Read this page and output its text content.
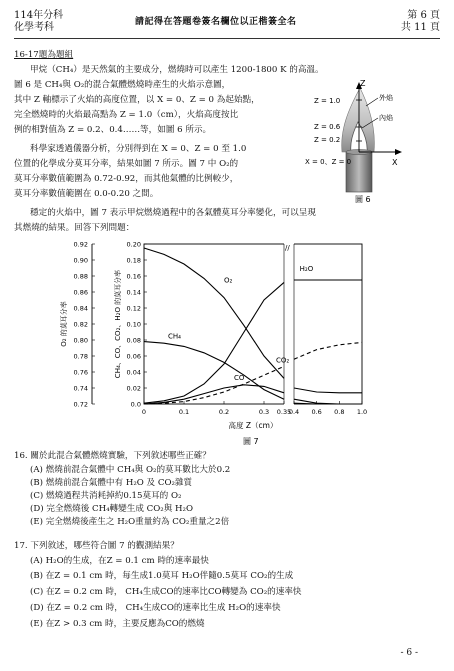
114年分科
化學考科	請記得在答題卷簽名欄位以正楷簽全名
第 6 頁
共 11 頁
16-17題為題組
甲烷（CH₄）是天然氣的主要成分，燃燒時可以產生 1200-1800 K 的高溫。
圖 6 是 CH₄與 O₂的混合氣體燃燒時產生的火焰示意圖，
其中 Z 軸標示了火焰的高度位置，以 X = 0、Z = 0 為起始點，
完全燃燒時的火焰最高點為 Z = 1.0（cm），火焰高度按比
例的相對值為 Z = 0.2、0.4……等，如圖 6 所示。
科學家透過儀器分析，分別得到在 X = 0、Z = 0 至 1.0
位置的化學成分莫耳分率，結果如圖 7 所示。圖 7 中 O₂的
莫耳分率數值範圍為 0.72-0.92，而其他氣體的比例較少，
莫耳分率數值範圍在 0.0-0.20 之間。
穩定的火焰中，圖 7 表示甲烷燃燒過程中的各氣體莫耳分率變化，可以呈現
其燃燒的結果。回答下列問題：
Z
X
外焰
內焰
Z = 1.0
Z = 0.6
Z = 0.2
X = 0、Z = 0
圖 6
//
0.92
0.90
0.88
0.86
0.84
0.82
0.80
0.78
0.76
0.74
0.72
0.20
0.18
0.16
0.14
0.12
0.10
0.08
0.06
0.04
0.02
0.0
0	0.1	0.2	0.3 0.35
0.4 0.6 0.8 1.0
高度 Z（cm）
O₂ 的莫耳分率	CH₄、CO、CO₂、H₂O 的莫耳分率	O₂
H₂O
CH₄
CO
CO₂
圖 7
16. 關於此混合氣體燃燒實驗，下列敘述哪些正確？
(A) 燃燒前混合氣體中 CH₄與 O₂的莫耳數比大於0.2
(B) 燃燒前混合氣體中有 H₂O 及 CO₂雜質
(C) 燃燒過程共消耗掉約0.15莫耳的 O₂
(D) 完全燃燒後 CH₄轉變生成 CO₂與 H₂O
(E) 完全燃燒後產生之 H₂O重量約為 CO₂重量之2倍
17. 下列敘述，哪些符合圖 7 的觀測結果？
(A) H₂O的生成，在Z = 0.1 cm 時的速率最快
(B) 在Z = 0.1 cm 時，每生成1.0莫耳 H₂O伴隨0.5莫耳 CO₂的生成
(C) 在Z = 0.2 cm 時， CH₄生成CO的速率比CO轉變為 CO₂的速率快
(D) 在Z = 0.2 cm 時， CH₄生成CO的速率比生成 H₂O的速率快
(E) 在Z > 0.3 cm 時，主要反應為CO的燃燒
- 6 -
